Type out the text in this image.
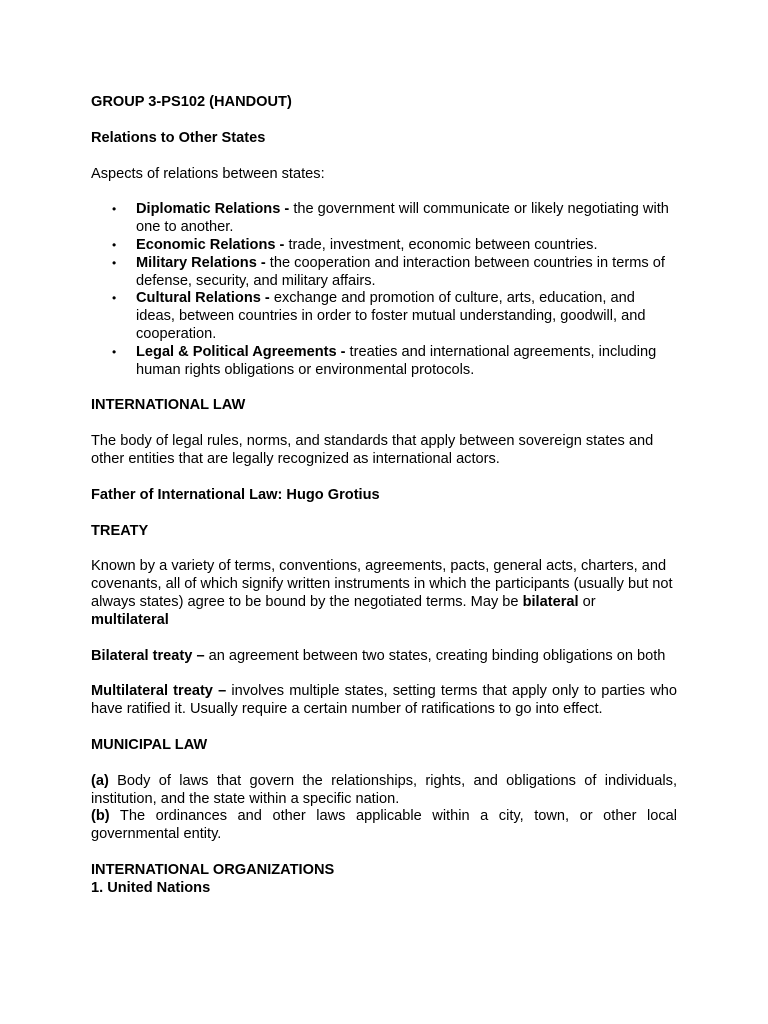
GROUP 3-PS102 (HANDOUT)

Relations to Other States

Aspects of relations between states:

• Diplomatic Relations - the government will communicate or likely negotiating with one to another.
• Economic Relations - trade, investment, economic between countries.
• Military Relations - the cooperation and interaction between countries in terms of defense, security, and military affairs.
• Cultural Relations - exchange and promotion of culture, arts, education, and ideas, between countries in order to foster mutual understanding, goodwill, and cooperation.
• Legal & Political Agreements - treaties and international agreements, including human rights obligations or environmental protocols.

INTERNATIONAL LAW

The body of legal rules, norms, and standards that apply between sovereign states and other entities that are legally recognized as international actors.

Father of International Law: Hugo Grotius

TREATY

Known by a variety of terms, conventions, agreements, pacts, general acts, charters, and covenants, all of which signify written instruments in which the participants (usually but not always states) agree to be bound by the negotiated terms. May be bilateral or multilateral

Bilateral treaty – an agreement between two states, creating binding obligations on both

Multilateral treaty – involves multiple states, setting terms that apply only to parties who have ratified it. Usually require a certain number of ratifications to go into effect.

MUNICIPAL LAW

(a) Body of laws that govern the relationships, rights, and obligations of individuals, institution, and the state within a specific nation.

(b) The ordinances and other laws applicable within a city, town, or other local governmental entity.

INTERNATIONAL ORGANIZATIONS

1. United Nations
